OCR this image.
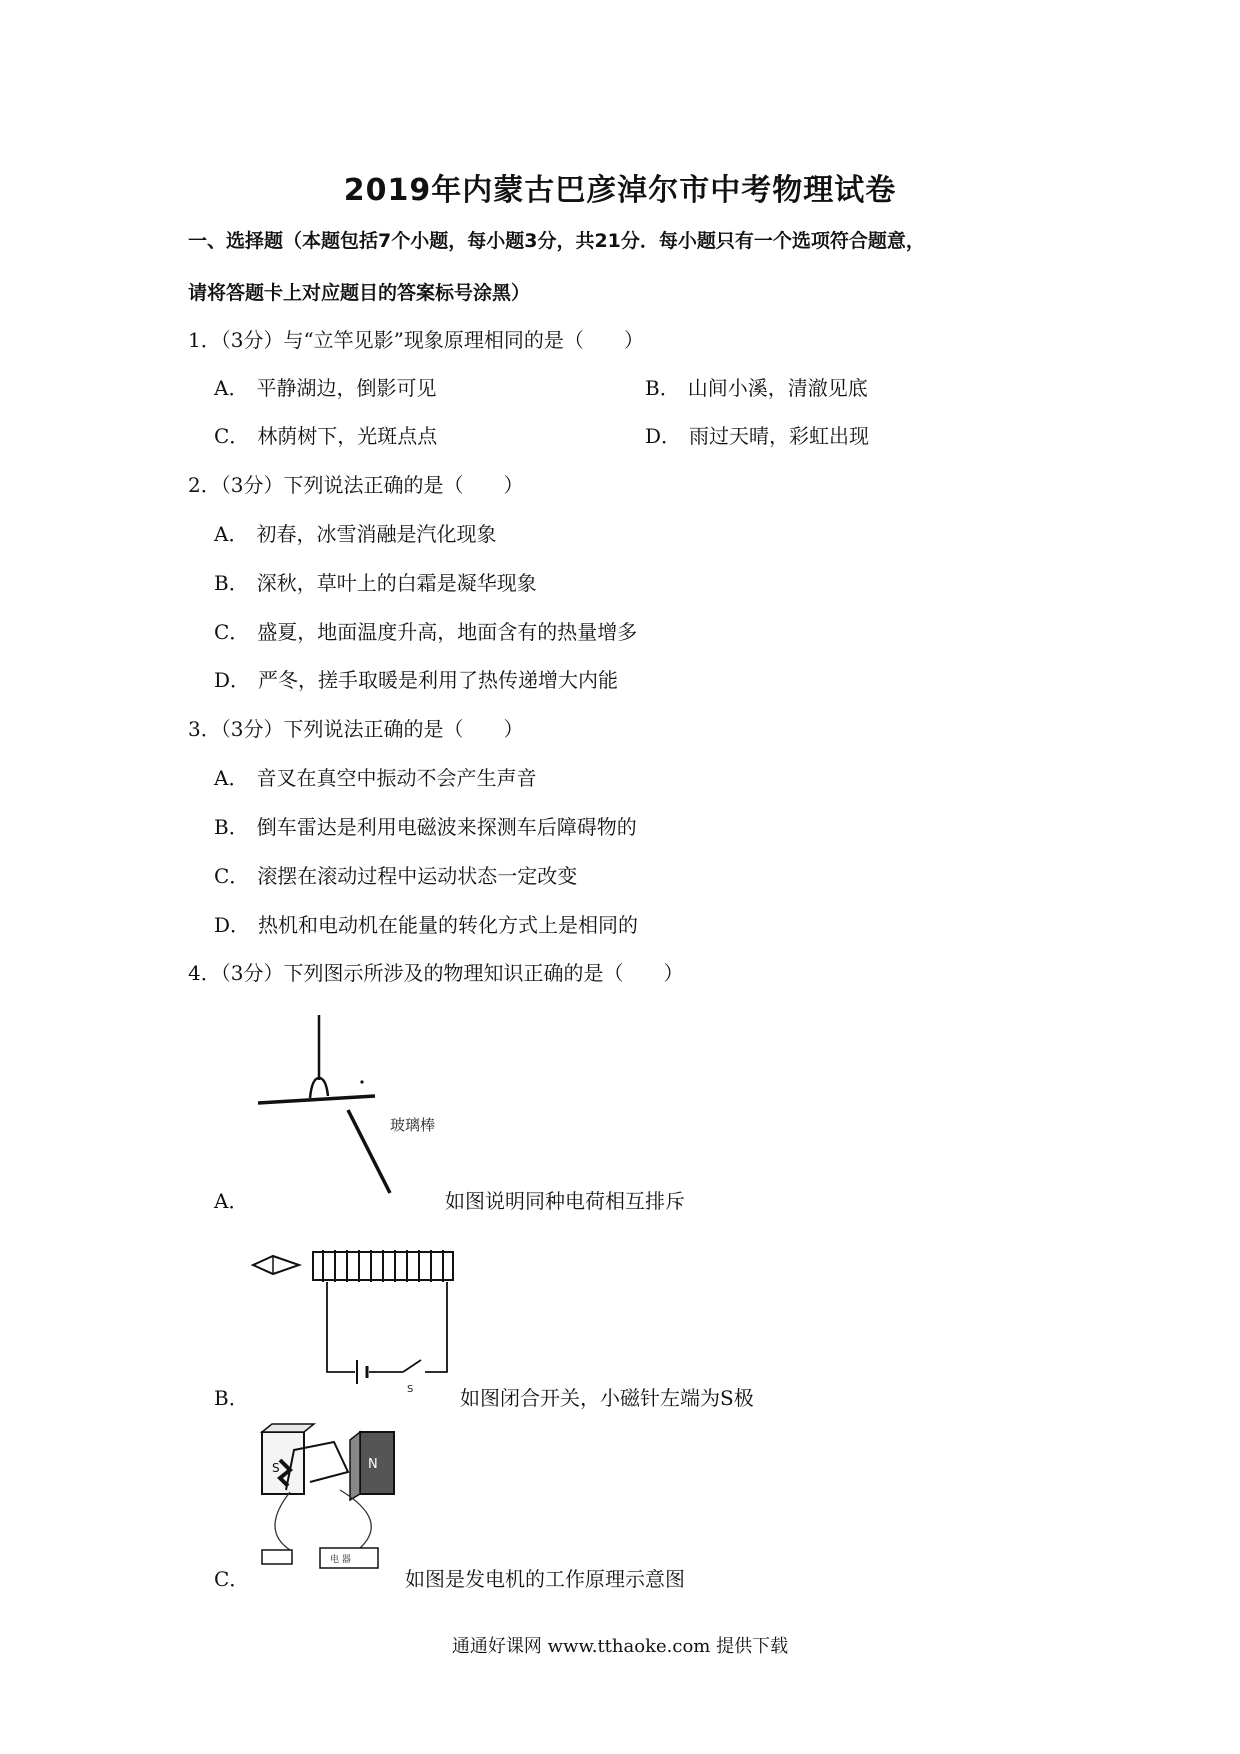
2019年内蒙古巴彦淖尔市中考物理试卷
一、选择题（本题包括7个小题，每小题3分，共21分．每小题只有一个选项符合题意，
请将答题卡上对应题目的答案标号涂黑）
1．（3分）与“立竿见影”现象原理相同的是（　　）
A． 平静湖边，倒影可见	B． 山间小溪，清澈见底
C． 林荫树下，光斑点点	D． 雨过天晴，彩虹出现
2．（3分）下列说法正确的是（　　）
A． 初春，冰雪消融是汽化现象
B． 深秋，草叶上的白霜是凝华现象
C． 盛夏，地面温度升高，地面含有的热量增多
D． 严冬，搓手取暖是利用了热传递增大内能
3．（3分）下列说法正确的是（　　）
A． 音叉在真空中振动不会产生声音
B． 倒车雷达是利用电磁波来探测车后障碍物的
C． 滚摆在滚动过程中运动状态一定改变
D． 热机和电动机在能量的转化方式上是相同的
4．（3分）下列图示所涉及的物理知识正确的是（　　）
玻璃棒
A．	如图说明同种电荷相互排斥
S
B．	如图闭合开关，小磁针左端为S极
S	N
电 器
C．	如图是发电机的工作原理示意图
通通好课网 www.tthaoke.com 提供下载
